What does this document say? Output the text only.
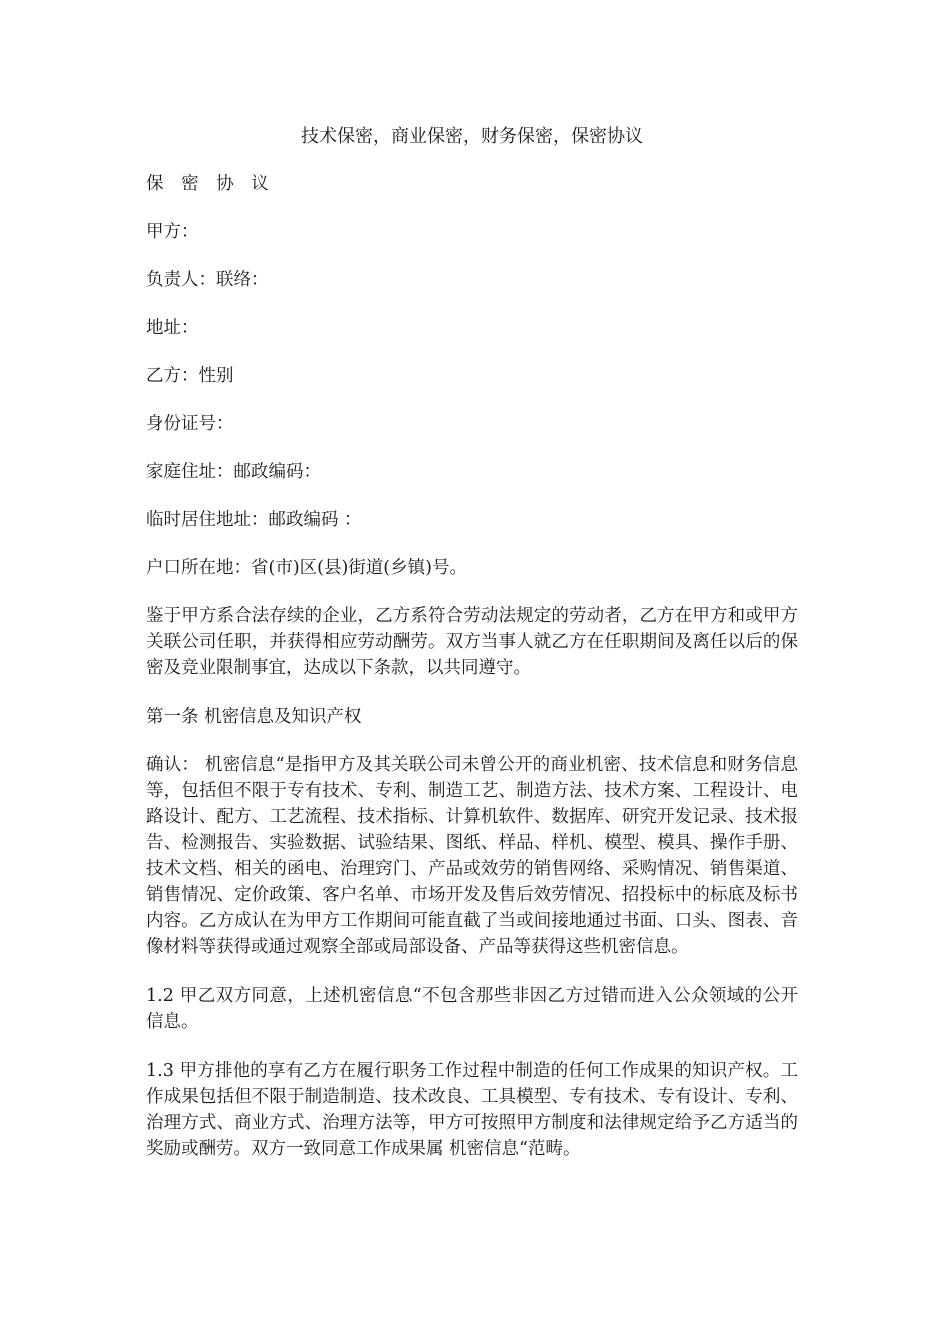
技术保密，商业保密，财务保密，保密协议

保 密 协 议

甲方：

负责人：联络：

地址：

乙方：性别

身份证号：

家庭住址：邮政编码：

临时居住地址：邮政编码 ：

户口所在地：省(市)区(县)街道(乡镇)号。

鉴于甲方系合法存续的企业，乙方系符合劳动法规定的劳动者，乙方在甲方和或甲方关联公司任职，并获得相应劳动酬劳。双方当事人就乙方在任职期间及离任以后的保密及竞业限制事宜，达成以下条款，以共同遵守。

第一条 机密信息及知识产权

确认： 机密信息“是指甲方及其关联公司未曾公开的商业机密、技术信息和财务信息等，包括但不限于专有技术、专利、制造工艺、制造方法、技术方案、工程设计、电路设计、配方、工艺流程、技术指标、计算机软件、数据库、研究开发记录、技术报告、检测报告、实验数据、试验结果、图纸、样品、样机、模型、模具、操作手册、技术文档、相关的函电、治理窍门、产品或效劳的销售网络、采购情况、销售渠道、销售情况、定价政策、客户名单、市场开发及售后效劳情况、招投标中的标底及标书内容。乙方成认在为甲方工作期间可能直截了当或间接地通过书面、口头、图表、音像材料等获得或通过观察全部或局部设备、产品等获得这些机密信息。

1.2 甲乙双方同意，上述机密信息“不包含那些非因乙方过错而进入公众领域的公开信息。

1.3 甲方排他的享有乙方在履行职务工作过程中制造的任何工作成果的知识产权。工作成果包括但不限于制造制造、技术改良、工具模型、专有技术、专有设计、专利、治理方式、商业方式、治理方法等，甲方可按照甲方制度和法律规定给予乙方适当的奖励或酬劳。双方一致同意工作成果属 机密信息“范畴。
